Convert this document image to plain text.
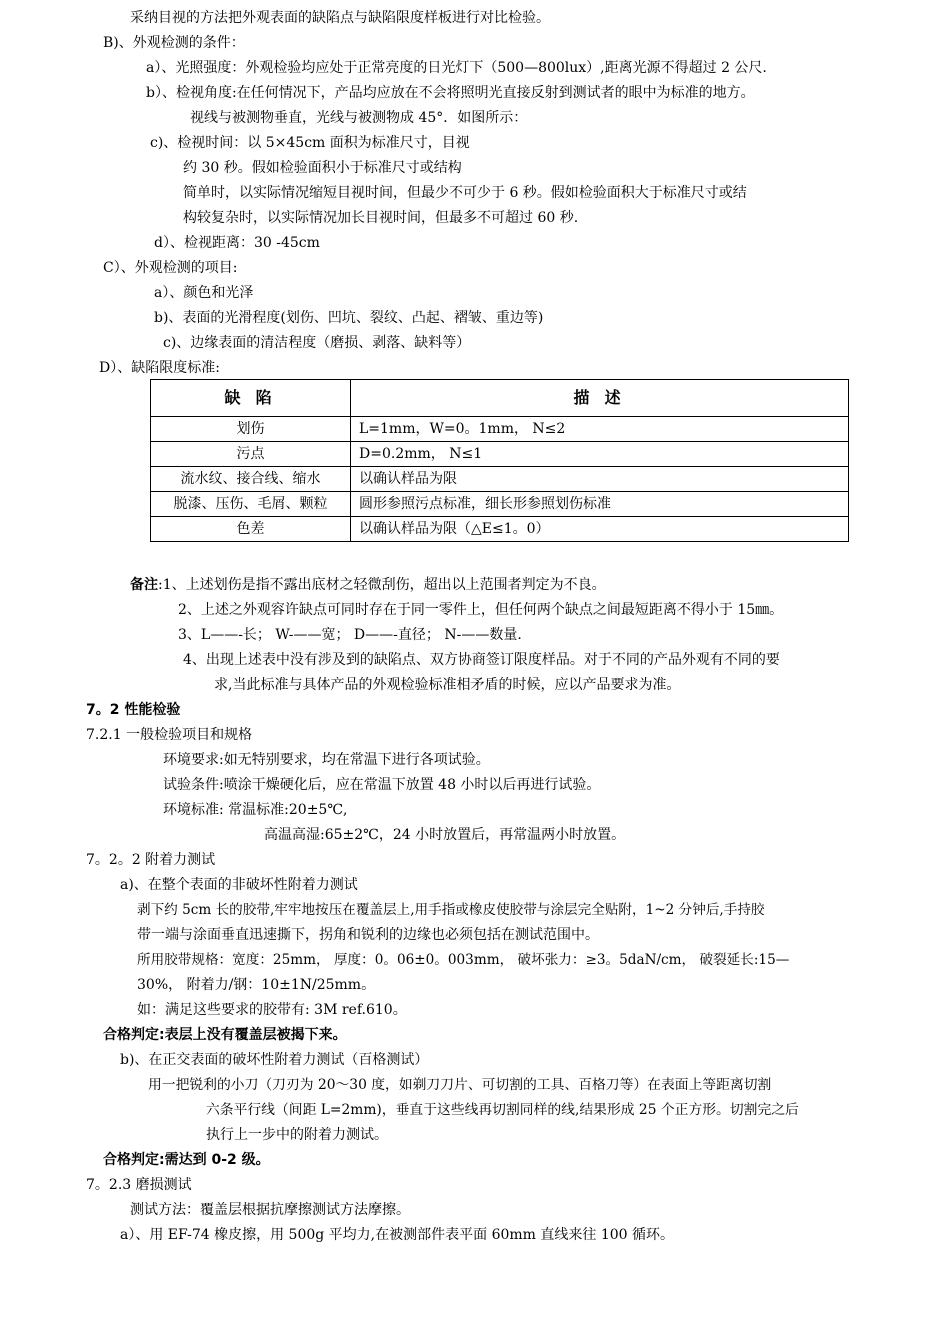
采纳目视的方法把外观表面的缺陷点与缺陷限度样板进行对比检验。
B)、外观检测的条件：
a）、光照强度：外观检验均应处于正常亮度的日光灯下（500—800lux）,距离光源不得超过 2 公尺.
b）、检视角度:在任何情况下，产品均应放在不会将照明光直接反射到测试者的眼中为标准的地方。
视线与被测物垂直，光线与被测物成 45°．如图所示：
c)、检视时间：以 5×45cm 面积为标准尺寸，目视
约 30 秒。假如检验面积小于标准尺寸或结构
简单时，以实际情况缩短目视时间，但最少不可少于 6 秒。假如检验面积大于标准尺寸或结
构较复杂时，以实际情况加长目视时间，但最多不可超过 60 秒.
d）、检视距离：30 -45cm
C）、外观检测的项目:
a）、颜色和光泽
b)、表面的光滑程度(划伤、凹坑、裂纹、凸起、褶皱、重边等)
c)、边缘表面的清洁程度（磨损、剥落、缺料等）
D）、缺陷限度标准:
缺 陷	描 述
划伤	L=1mm，W=0。1mm， N≤2
污点	D=0.2mm， N≤1
流水纹、接合线、缩水	以确认样品为限
脱漆、压伤、毛屑、颗粒	圆形参照污点标准，细长形参照划伤标准
色差	以确认样品为限（△E≤1。0）
备注:1、上述划伤是指不露出底材之轻微刮伤，超出以上范围者判定为不良。
2、上述之外观容许缺点可同时存在于同一零件上，但任何两个缺点之间最短距离不得小于 15㎜。
3、L——-长； W-——宽； D——-直径； N-——数量.
4、出现上述表中没有涉及到的缺陷点、双方协商签订限度样品。对于不同的产品外观有不同的要
求,当此标准与具体产品的外观检验标准相矛盾的时候，应以产品要求为准。
7。2 性能检验
7.2.1 一般检验项目和规格
环境要求:如无特别要求，均在常温下进行各项试验。
试验条件:喷涂干燥硬化后，应在常温下放置 48 小时以后再进行试验。
环境标准: 常温标准:20±5℃,
高温高湿:65±2℃，24 小时放置后，再常温两小时放置。
7。2。2 附着力测试
a)、在整个表面的非破坏性附着力测试
剥下约 5cm 长的胶带,牢牢地按压在覆盖层上,用手指或橡皮使胶带与涂层完全贴附，1~2 分钟后,手持胶
带一端与涂面垂直迅速撕下，拐角和锐利的边缘也必须包括在测试范围中。
所用胶带规格：宽度：25mm， 厚度：0。06±0。003mm， 破坏张力：≥3。5daN/cm， 破裂延长:15—
30%， 附着力/钢：10±1N/25mm。
如：满足这些要求的胶带有: 3M ref.610。
合格判定:表层上没有覆盖层被揭下来。
b)、在正交表面的破坏性附着力测试（百格测试）
用一把锐利的小刀（刀刃为 20～30 度，如剃刀刀片、可切割的工具、百格刀等）在表面上等距离切割
六条平行线（间距 L=2mm)，垂直于这些线再切割同样的线,结果形成 25 个正方形。切割完之后
执行上一步中的附着力测试。
合格判定:需达到 0-2 级。
7。2.3 磨损测试
测试方法：覆盖层根据抗摩擦测试方法摩擦。
a）、用 EF-74 橡皮擦，用 500g 平均力,在被测部件表平面 60mm 直线来往 100 循环。
